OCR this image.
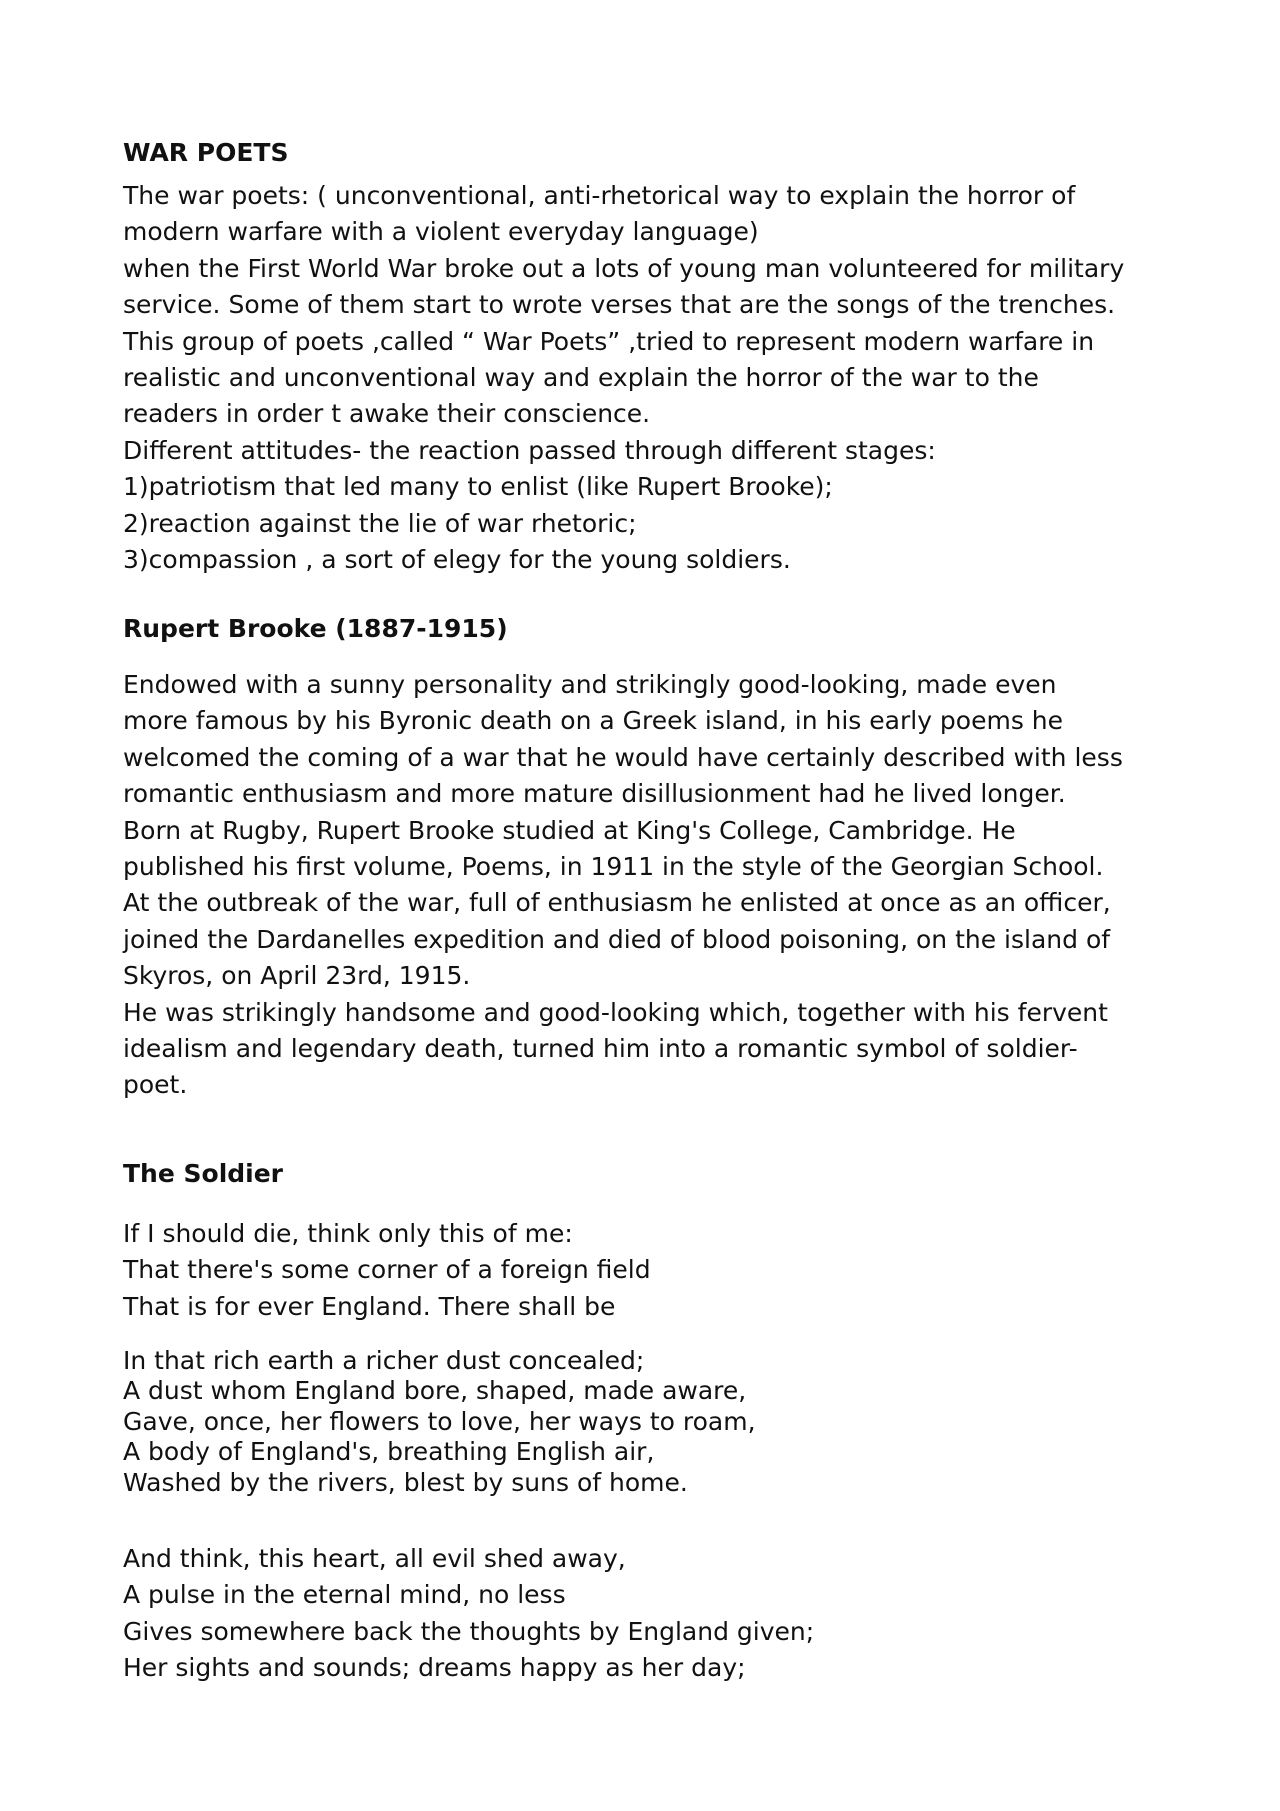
WAR POETS
The war poets: ( unconventional, anti-rhetorical way to explain the horror of
modern warfare with a violent everyday language)
when the First World War broke out a lots of young man volunteered for military
service. Some of them start to wrote verses that are the songs of the trenches.
This group of poets ,called “ War Poets” ,tried to represent modern warfare in
realistic and unconventional way and explain the horror of the war to the
readers in order t awake their conscience.
Different attitudes- the reaction passed through different stages:
1)patriotism that led many to enlist (like Rupert Brooke);
2)reaction against the lie of war rhetoric;
3)compassion , a sort of elegy for the young soldiers.
Rupert Brooke (1887-1915)
Endowed with a sunny personality and strikingly good-looking, made even
more famous by his Byronic death on a Greek island, in his early poems he
welcomed the coming of a war that he would have certainly described with less
romantic enthusiasm and more mature disillusionment had he lived longer.
Born at Rugby, Rupert Brooke studied at King's College, Cambridge. He
published his first volume, Poems, in 1911 in the style of the Georgian School.
At the outbreak of the war, full of enthusiasm he enlisted at once as an officer,
joined the Dardanelles expedition and died of blood poisoning, on the island of
Skyros, on April 23rd, 1915.
He was strikingly handsome and good-looking which, together with his fervent
idealism and legendary death, turned him into a romantic symbol of soldier-
poet.
The Soldier
If I should die, think only this of me:
That there's some corner of a foreign field
That is for ever England. There shall be
In that rich earth a richer dust concealed;
A dust whom England bore, shaped, made aware,
Gave, once, her flowers to love, her ways to roam,
A body of England's, breathing English air,
Washed by the rivers, blest by suns of home.
And think, this heart, all evil shed away,
A pulse in the eternal mind, no less
Gives somewhere back the thoughts by England given;
Her sights and sounds; dreams happy as her day;
